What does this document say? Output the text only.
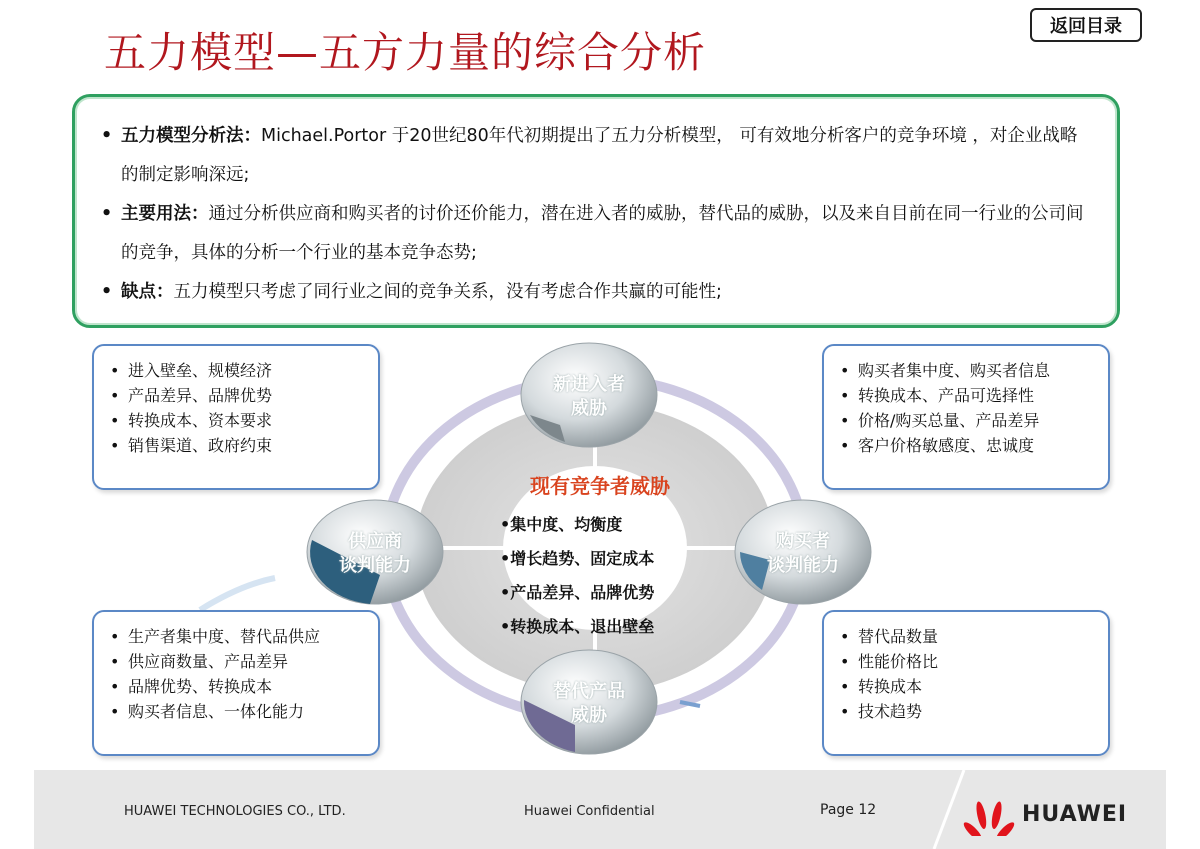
五力模型—五方力量的综合分析
返回目录
• 五力模型分析法：Michael.Portor 于20世纪80年代初期提出了五力分析模型， 可有效地分析客户的竞争环境 ，对企业战略的制定影响深远;
• 主要用法：通过分析供应商和购买者的讨价还价能力，潜在进入者的威胁，替代品的威胁，以及来自目前在同一行业的公司间的竞争，具体的分析一个行业的基本竞争态势;
• 缺点：五力模型只考虑了同行业之间的竞争关系，没有考虑合作共赢的可能性;
新进入者
威胁
供应商
谈判能力
购买者
谈判能力
替代产品
威胁
现有竞争者威胁
•集中度、均衡度
•增长趋势、固定成本
•产品差异、品牌优势
•转换成本、退出壁垒
• 进入壁垒、规模经济
• 产品差异、品牌优势
• 转换成本、资本要求
• 销售渠道、政府约束
• 购买者集中度、购买者信息
• 转换成本、产品可选择性
• 价格/购买总量、产品差异
• 客户价格敏感度、忠诚度
• 生产者集中度、替代品供应
• 供应商数量、产品差异
• 品牌优势、转换成本
• 购买者信息、一体化能力
• 替代品数量
• 性能价格比
• 转换成本
• 技术趋势
HUAWEI TECHNOLOGIES CO., LTD.	Huawei Confidential	Page 12	HUAWEI
